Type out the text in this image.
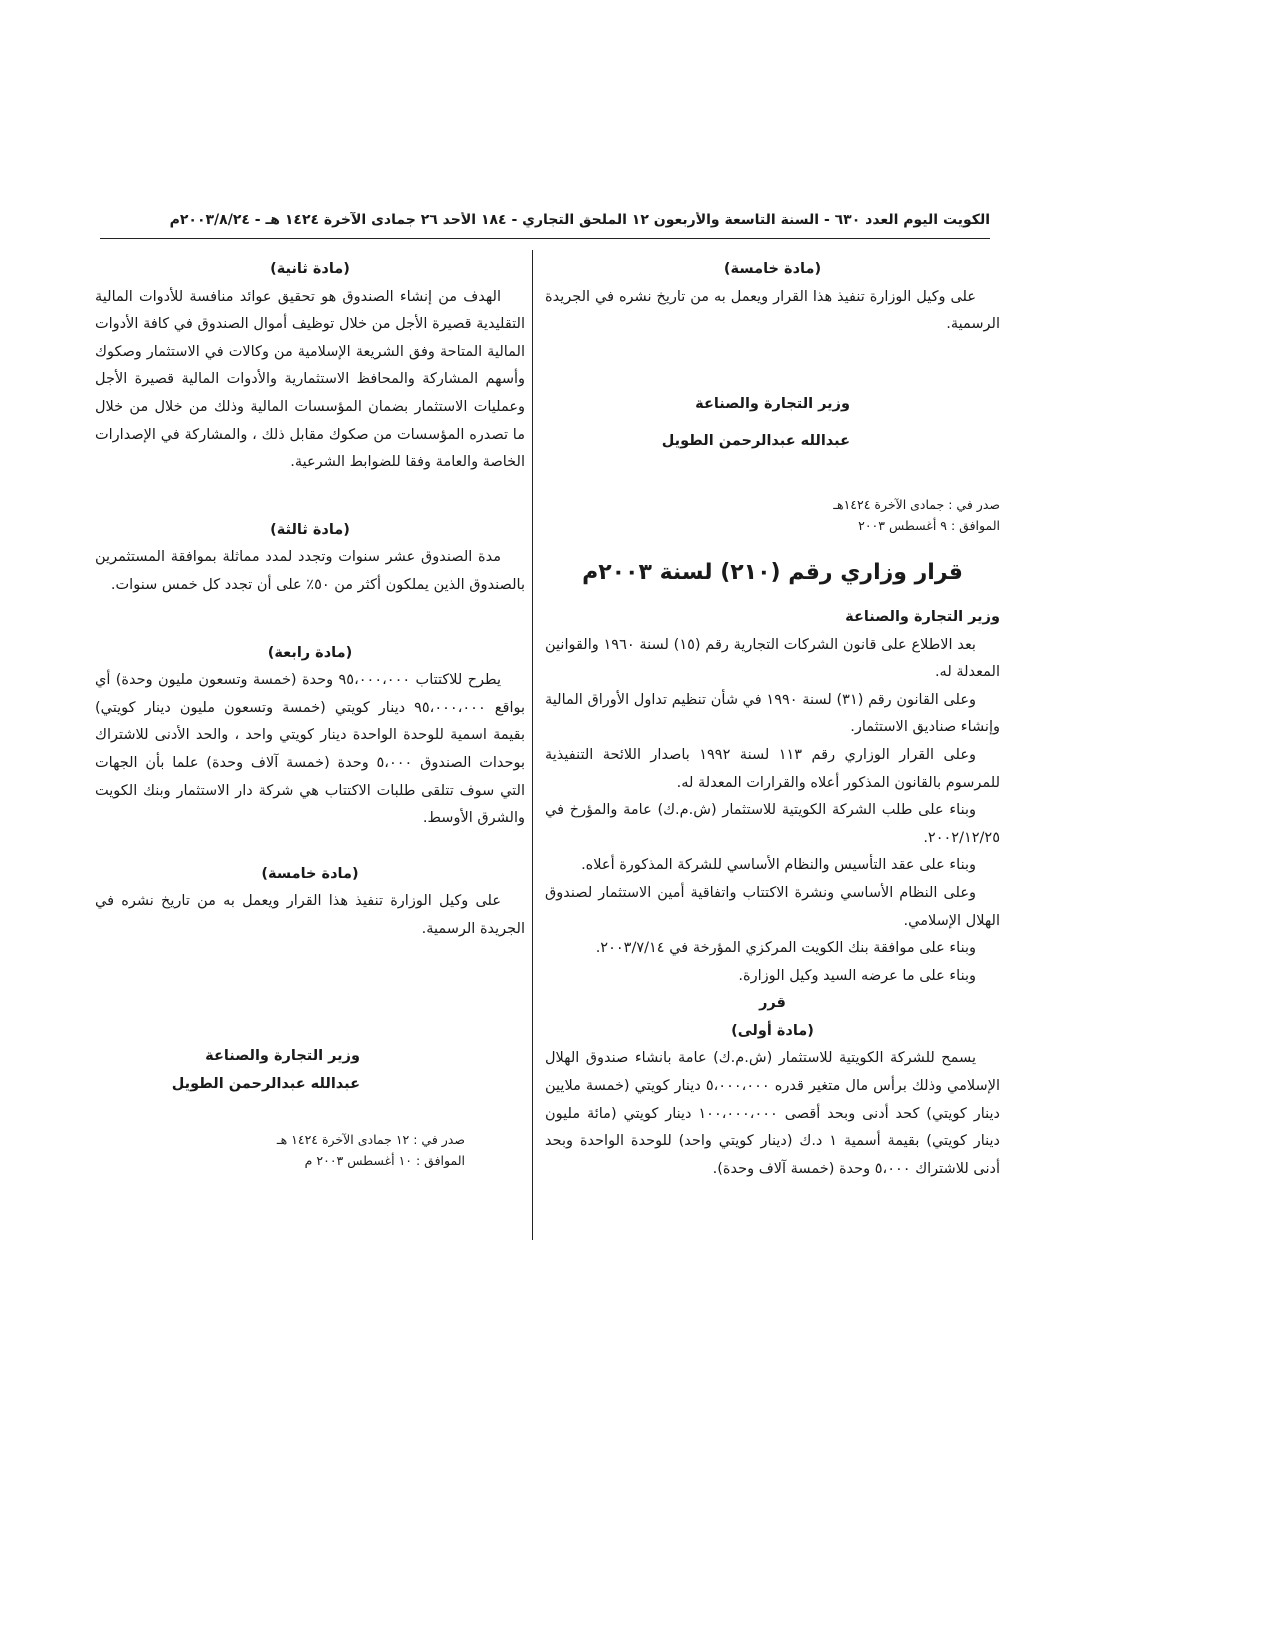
الكويت اليوم العدد ٦٣٠ - السنة التاسعة والأربعون ١٢ الملحق التجاري - ١٨٤ الأحد ٢٦ جمادى الآخرة ١٤٢٤ هـ - ٢٠٠٣/٨/٢٤م

(مادة خامسة)

على وكيل الوزارة تنفيذ هذا القرار ويعمل به من تاريخ نشره في الجريدة الرسمية.

وزير التجارة والصناعة

عبدالله عبدالرحمن الطويل

صدر في : جمادى الآخرة ١٤٢٤هـ

الموافق : ٩ أغسطس ٢٠٠٣

قرار وزاري رقم (٢١٠) لسنة ٢٠٠٣م

وزير التجارة والصناعة

بعد الاطلاع على قانون الشركات التجارية رقم (١٥) لسنة ١٩٦٠ والقوانين المعدلة له.

وعلى القانون رقم (٣١) لسنة ١٩٩٠ في شأن تنظيم تداول الأوراق المالية وإنشاء صناديق الاستثمار.

وعلى القرار الوزاري رقم ١١٣ لسنة ١٩٩٢ باصدار اللائحة التنفيذية للمرسوم بالقانون المذكور أعلاه والقرارات المعدلة له.

وبناء على طلب الشركة الكويتية للاستثمار (ش.م.ك) عامة والمؤرخ في ٢٠٠٢/١٢/٢٥.

وبناء على عقد التأسيس والنظام الأساسي للشركة المذكورة أعلاه.

وعلى النظام الأساسي ونشرة الاكتتاب واتفاقية أمين الاستثمار لصندوق الهلال الإسلامي.

وبناء على موافقة بنك الكويت المركزي المؤرخة في ٢٠٠٣/٧/١٤.

وبناء على ما عرضه السيد وكيل الوزارة.

قرر

(مادة أولى)

يسمح للشركة الكويتية للاستثمار (ش.م.ك) عامة بانشاء صندوق الهلال الإسلامي وذلك برأس مال متغير قدره ٥،٠٠٠،٠٠٠ دينار كويتي (خمسة ملايين دينار كويتي) كحد أدنى وبحد أقصى ١٠٠،٠٠٠،٠٠٠ دينار كويتي (مائة مليون دينار كويتي) بقيمة أسمية ١ د.ك (دينار كويتي واحد) للوحدة الواحدة وبحد أدنى للاشتراك ٥،٠٠٠ وحدة (خمسة آلاف وحدة).

(مادة ثانية)

الهدف من إنشاء الصندوق هو تحقيق عوائد منافسة للأدوات المالية التقليدية قصيرة الأجل من خلال توظيف أموال الصندوق في كافة الأدوات المالية المتاحة وفق الشريعة الإسلامية من وكالات في الاستثمار وصكوك وأسهم المشاركة والمحافظ الاستثمارية والأدوات المالية قصيرة الأجل وعمليات الاستثمار بضمان المؤسسات المالية وذلك من خلال من خلال ما تصدره المؤسسات من صكوك مقابل ذلك ، والمشاركة في الإصدارات الخاصة والعامة وفقا للضوابط الشرعية.

(مادة ثالثة)

مدة الصندوق عشر سنوات وتجدد لمدد مماثلة بموافقة المستثمرين بالصندوق الذين يملكون أكثر من ٥٠٪ على أن تجدد كل خمس سنوات.

(مادة رابعة)

يطرح للاكتتاب ٩٥،٠٠٠،٠٠٠ وحدة (خمسة وتسعون مليون وحدة) أي بواقع ٩٥،٠٠٠،٠٠٠ دينار كويتي (خمسة وتسعون مليون دينار كويتي) بقيمة اسمية للوحدة الواحدة دينار كويتي واحد ، والحد الأدنى للاشتراك بوحدات الصندوق ٥،٠٠٠ وحدة (خمسة آلاف وحدة) علما بأن الجهات التي سوف تتلقى طلبات الاكتتاب هي شركة دار الاستثمار وبنك الكويت والشرق الأوسط.

(مادة خامسة)

على وكيل الوزارة تنفيذ هذا القرار ويعمل به من تاريخ نشره في الجريدة الرسمية.

وزير التجارة والصناعة

عبدالله عبدالرحمن الطويل

صدر في : ١٢ جمادى الآخرة ١٤٢٤ هـ

الموافق : ١٠ أغسطس ٢٠٠٣ م
